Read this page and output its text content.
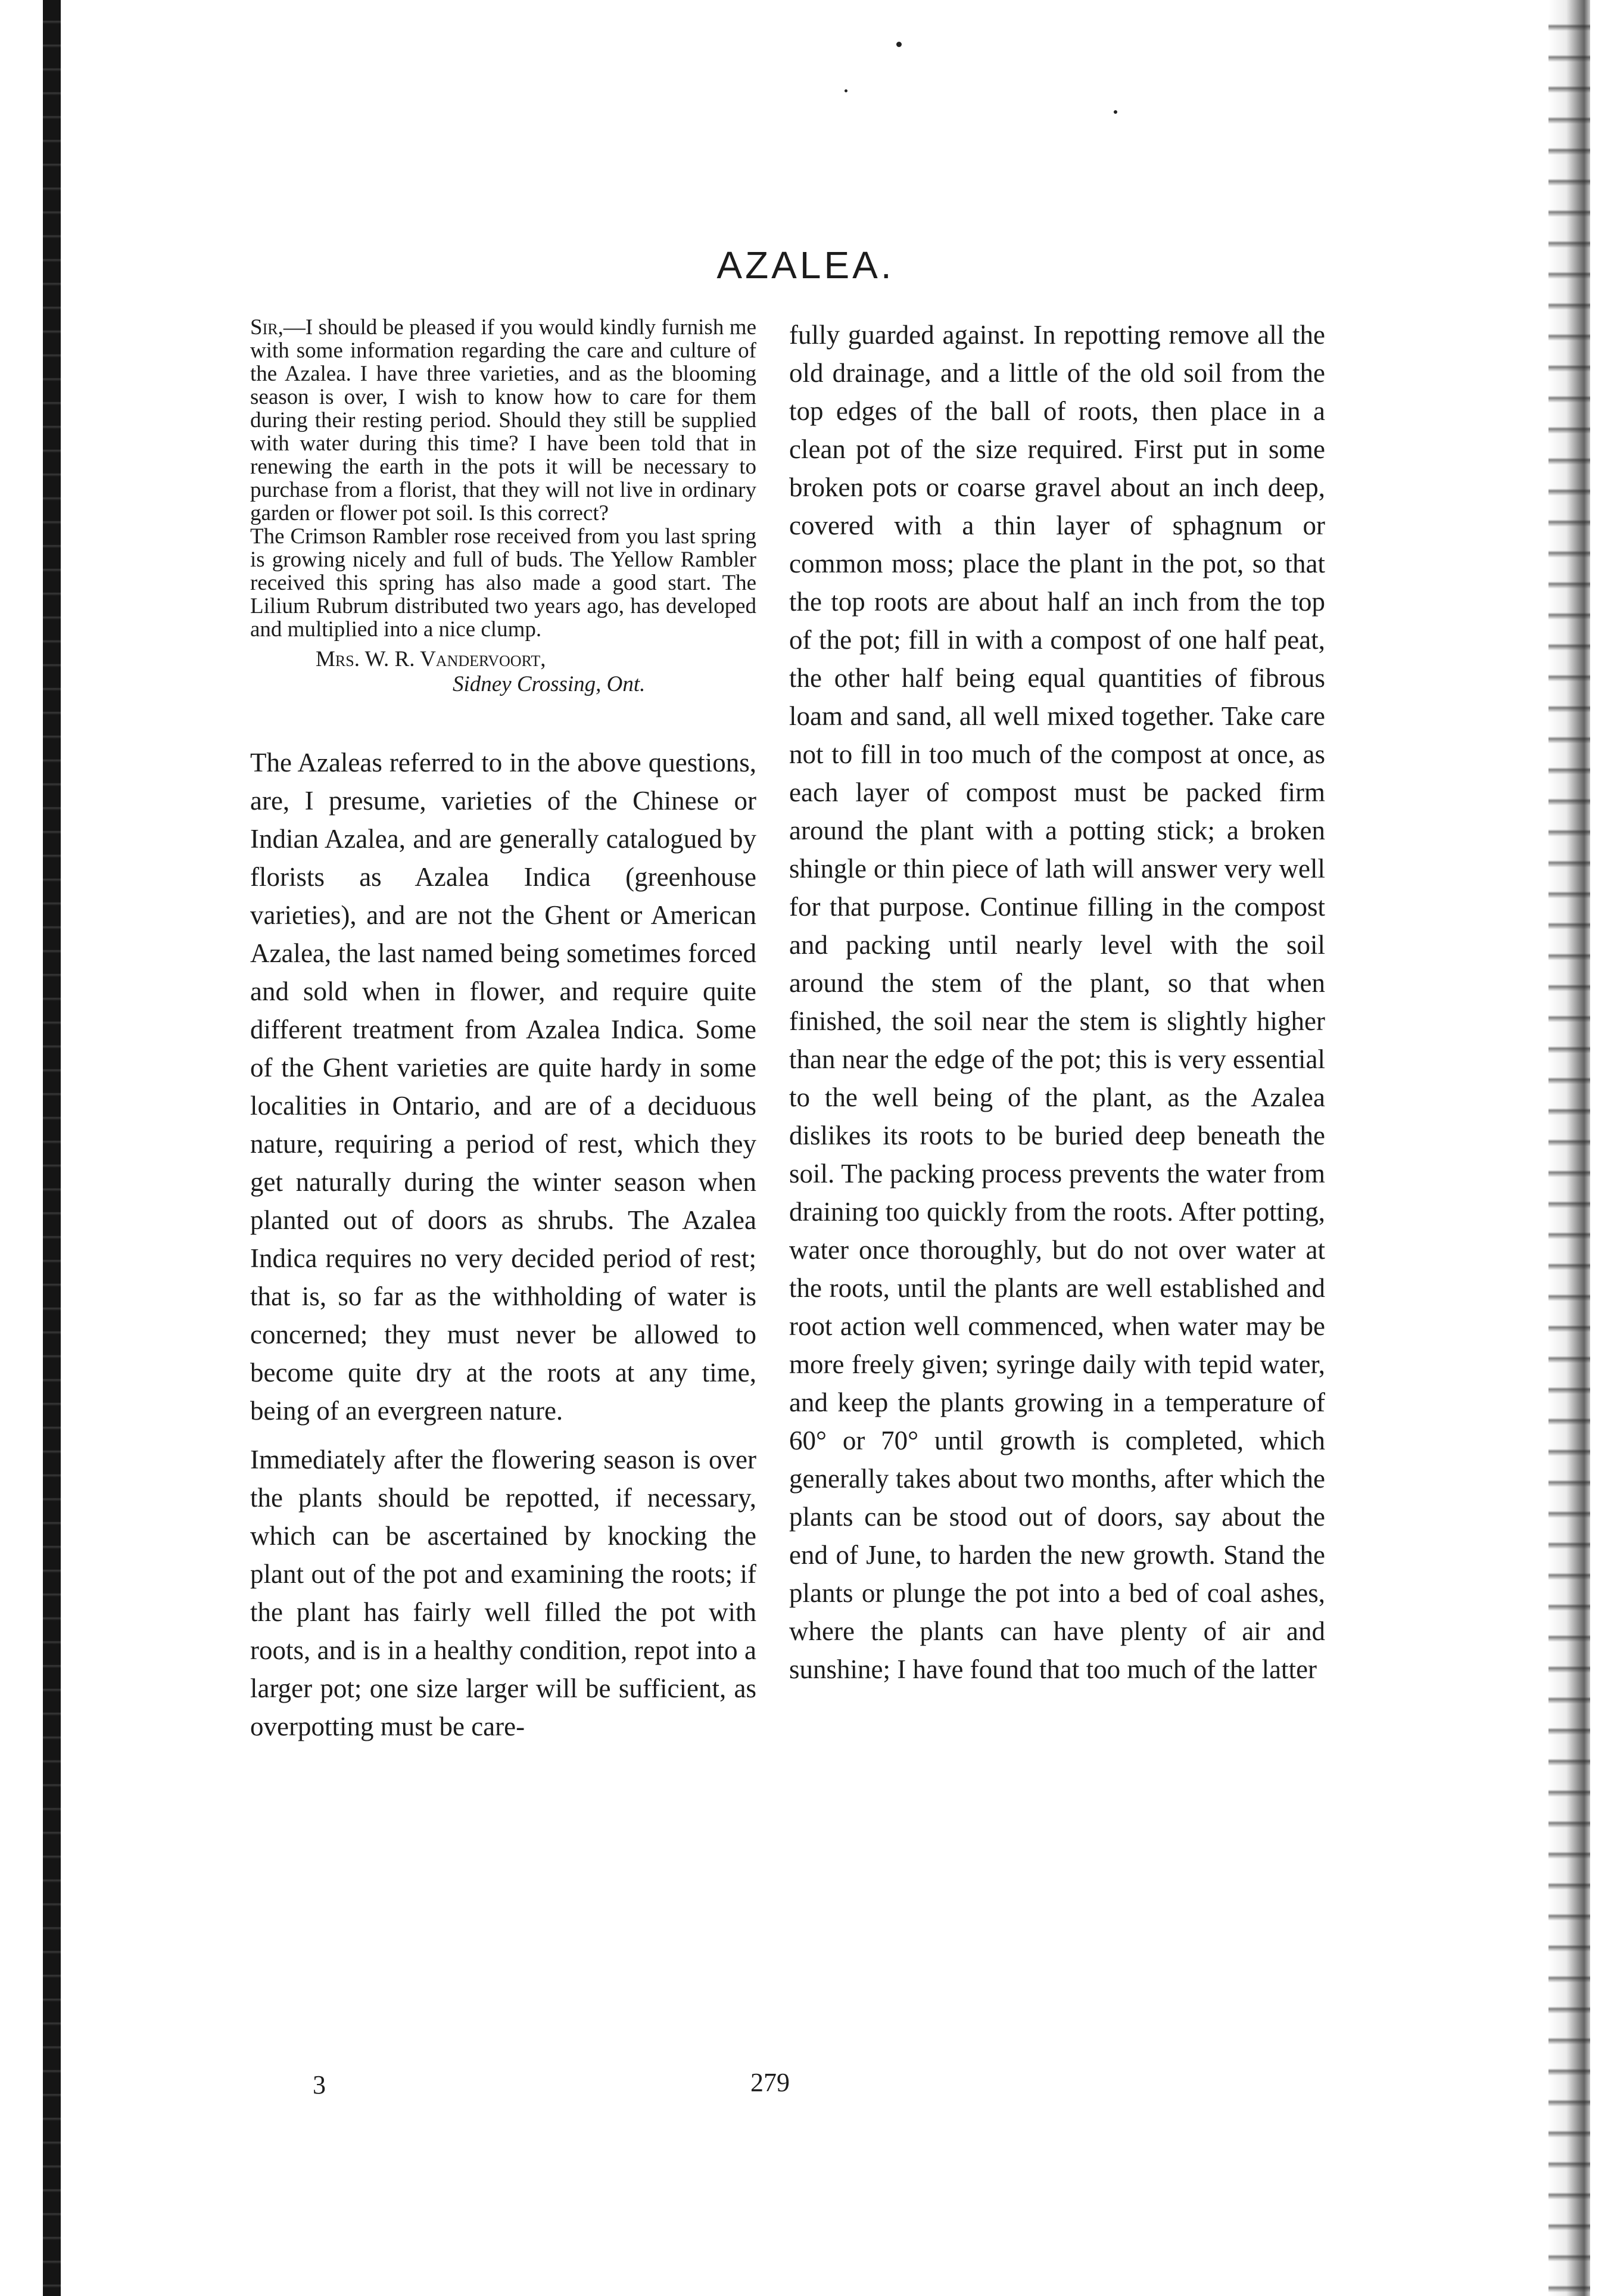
AZALEA.

Sir,—I should be pleased if you would kindly furnish me with some information regarding the care and culture of the Azalea. I have three varieties, and as the blooming season is over, I wish to know how to care for them during their resting period. Should they still be supplied with water during this time? I have been told that in renewing the earth in the pots it will be necessary to purchase from a florist, that they will not live in ordinary garden or flower pot soil. Is this correct?

The Crimson Rambler rose received from you last spring is growing nicely and full of buds. The Yellow Rambler received this spring has also made a good start. The Lilium Rubrum distributed two years ago, has developed and multiplied into a nice clump.

Mrs. W. R. Vandervoort,
Sidney Crossing, Ont.

The Azaleas referred to in the above questions, are, I presume, varieties of the Chinese or Indian Azalea, and are generally catalogued by florists as Azalea Indica (greenhouse varieties), and are not the Ghent or American Azalea, the last named being sometimes forced and sold when in flower, and require quite different treatment from Azalea Indica. Some of the Ghent varieties are quite hardy in some localities in Ontario, and are of a deciduous nature, requiring a period of rest, which they get naturally during the winter season when planted out of doors as shrubs. The Azalea Indica requires no very decided period of rest; that is, so far as the withholding of water is concerned; they must never be allowed to become quite dry at the roots at any time, being of an evergreen nature.

Immediately after the flowering season is over the plants should be repotted, if necessary, which can be ascertained by knocking the plant out of the pot and examining the roots; if the plant has fairly well filled the pot with roots, and is in a healthy condition, repot into a larger pot; one size larger will be sufficient, as overpotting must be care-

fully guarded against. In repotting remove all the old drainage, and a little of the old soil from the top edges of the ball of roots, then place in a clean pot of the size required. First put in some broken pots or coarse gravel about an inch deep, covered with a thin layer of sphagnum or common moss; place the plant in the pot, so that the top roots are about half an inch from the top of the pot; fill in with a compost of one half peat, the other half being equal quantities of fibrous loam and sand, all well mixed together. Take care not to fill in too much of the compost at once, as each layer of compost must be packed firm around the plant with a potting stick; a broken shingle or thin piece of lath will answer very well for that purpose. Continue filling in the compost and packing until nearly level with the soil around the stem of the plant, so that when finished, the soil near the stem is slightly higher than near the edge of the pot; this is very essential to the well being of the plant, as the Azalea dislikes its roots to be buried deep beneath the soil. The packing process prevents the water from draining too quickly from the roots. After potting, water once thoroughly, but do not over water at the roots, until the plants are well established and root action well commenced, when water may be more freely given; syringe daily with tepid water, and keep the plants growing in a temperature of 60° or 70° until growth is completed, which generally takes about two months, after which the plants can be stood out of doors, say about the end of June, to harden the new growth. Stand the plants or plunge the pot into a bed of coal ashes, where the plants can have plenty of air and sunshine; I have found that too much of the latter

3	279
